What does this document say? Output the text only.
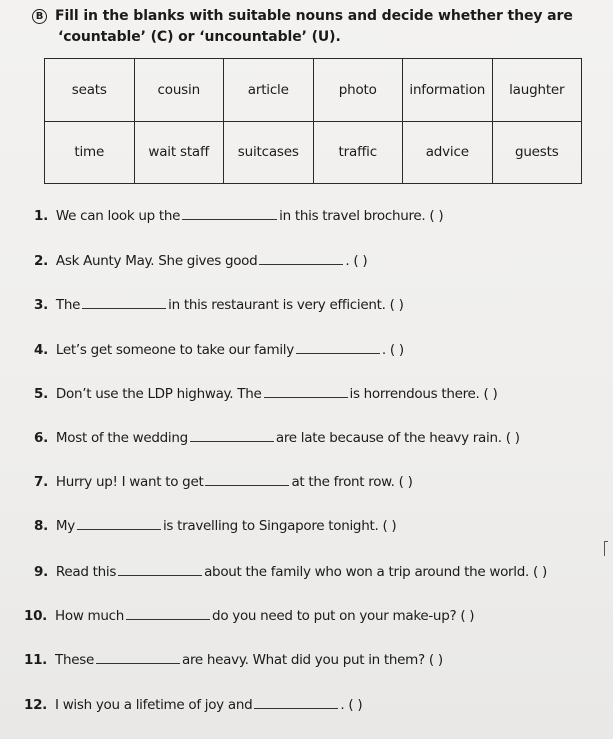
B Fill in the blanks with suitable nouns and decide whether they are
‘countable’ (C) or ‘uncountable’ (U).
seats	cousin	article	photo	information	laughter
time	wait staff	suitcases	traffic	advice	guests
1. We can look up the	in this travel brochure. ( )
2. Ask Aunty May. She gives good	. ( )
3. The	in this restaurant is very efficient. ( )
4. Let’s get someone to take our family	. ( )
5. Don’t use the LDP highway. The	is horrendous there. ( )
6. Most of the wedding	are late because of the heavy rain. ( )
7. Hurry up! I want to get	at the front row. ( )
8. My	is travelling to Singapore tonight. ( )
9. Read this	about the family who won a trip around the world. ( )
10. How much	do you need to put on your make-up? ( )
11. These	are heavy. What did you put in them? ( )
12. I wish you a lifetime of joy and	. ( )
